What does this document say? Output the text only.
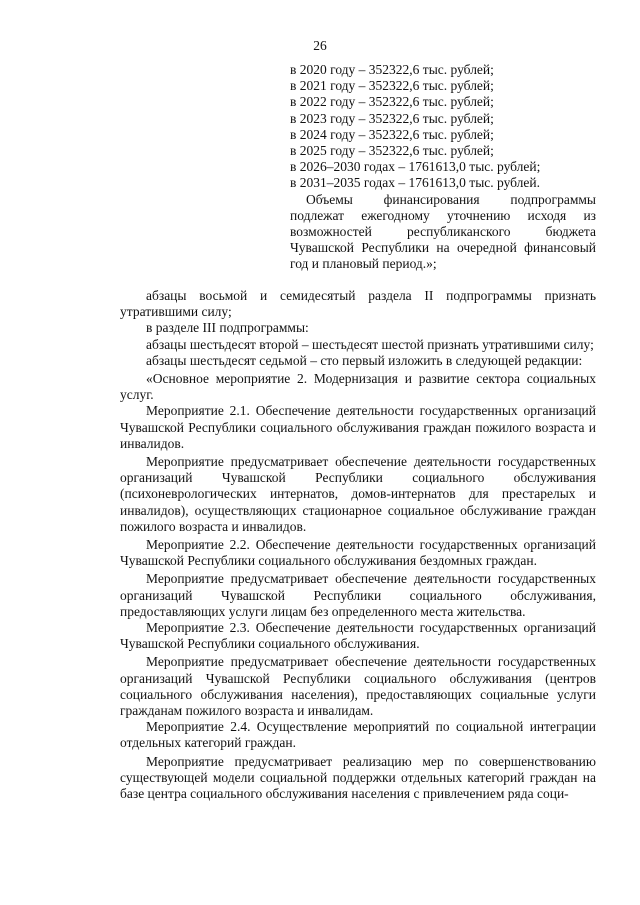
26
в 2020 году – 352322,6 тыс. рублей;
в 2021 году – 352322,6 тыс. рублей;
в 2022 году – 352322,6 тыс. рублей;
в 2023 году – 352322,6 тыс. рублей;
в 2024 году – 352322,6 тыс. рублей;
в 2025 году – 352322,6 тыс. рублей;
в 2026–2030 годах – 1761613,0 тыс. рублей;
в 2031–2035 годах – 1761613,0 тыс. рублей.
Объемы финансирования подпрограммы подлежат ежегодному уточнению исходя из возможностей республиканского бюджета Чувашской Республики на очередной финансовый год и плановый период.»;

абзацы восьмой и семидесятый раздела II подпрограммы признать утратившими силу;

в разделе III подпрограммы:

абзацы шестьдесят второй – шестьдесят шестой признать утратившими силу;

абзацы шестьдесят седьмой – сто первый изложить в следующей редакции:

«Основное мероприятие 2. Модернизация и развитие сектора социальных услуг.

Мероприятие 2.1. Обеспечение деятельности государственных организаций Чувашской Республики социального обслуживания граждан пожилого возраста и инвалидов.

Мероприятие предусматривает обеспечение деятельности государственных организаций Чувашской Республики социального обслуживания (психоневрологических интернатов, домов-интернатов для престарелых и инвалидов), осуществляющих стационарное социальное обслуживание граждан пожилого возраста и инвалидов.

Мероприятие 2.2. Обеспечение деятельности государственных организаций Чувашской Республики социального обслуживания бездомных граждан.

Мероприятие предусматривает обеспечение деятельности государственных организаций Чувашской Республики социального обслуживания, предоставляющих услуги лицам без определенного места жительства.

Мероприятие 2.3. Обеспечение деятельности государственных организаций Чувашской Республики социального обслуживания.

Мероприятие предусматривает обеспечение деятельности государственных организаций Чувашской Республики социального обслуживания (центров социального обслуживания населения), предоставляющих социальные услуги гражданам пожилого возраста и инвалидам.

Мероприятие 2.4. Осуществление мероприятий по социальной интеграции отдельных категорий граждан.

Мероприятие предусматривает реализацию мер по совершенствованию существующей модели социальной поддержки отдельных категорий граждан на базе центра социального обслуживания населения с привлечением ряда соци-
